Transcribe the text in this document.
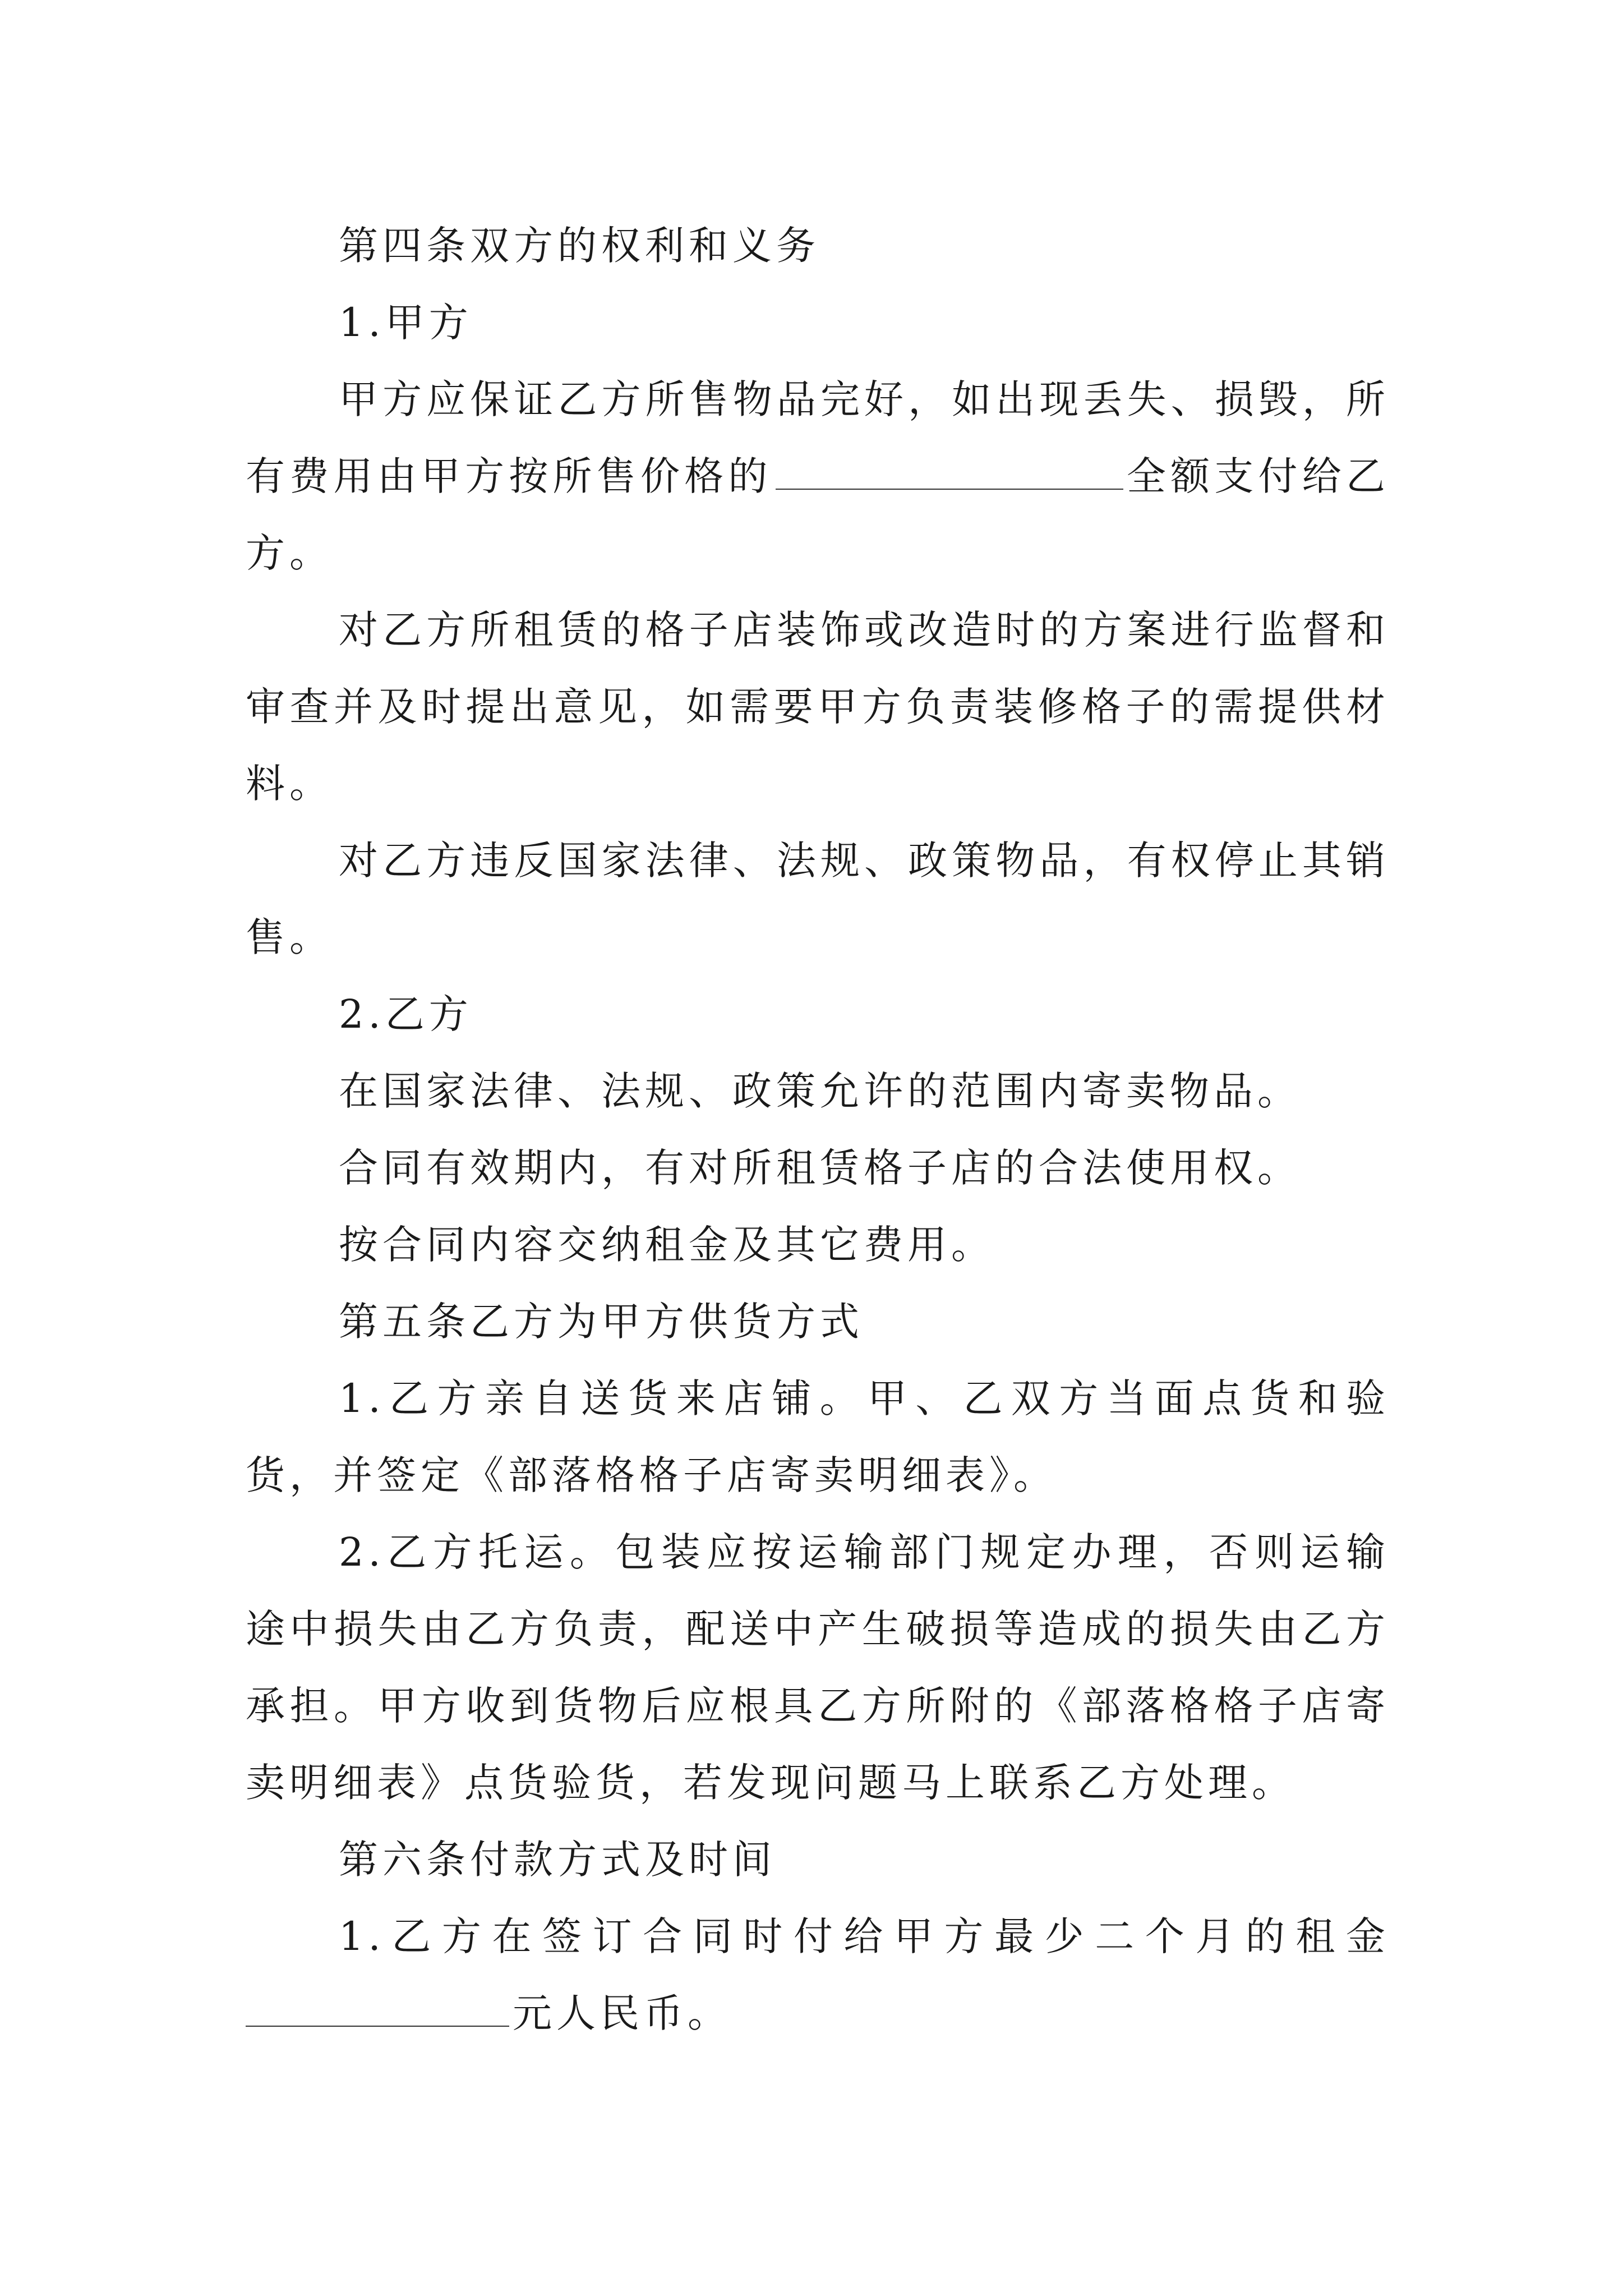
第四条双方的权利和义务

1.甲方

甲方应保证乙方所售物品完好，如出现丢失、损毁，所有费用由甲方按所售价格的	全额支付给乙方。

对乙方所租赁的格子店装饰或改造时的方案进行监督和审查并及时提出意见，如需要甲方负责装修格子的需提供材料。

对乙方违反国家法律、法规、政策物品，有权停止其销售。

2.乙方

在国家法律、法规、政策允许的范围内寄卖物品。

合同有效期内，有对所租赁格子店的合法使用权。

按合同内容交纳租金及其它费用。

第五条乙方为甲方供货方式

1.乙方亲自送货来店铺。甲、乙双方当面点货和验货，并签定《部落格格子店寄卖明细表》。

2.乙方托运。包装应按运输部门规定办理，否则运输途中损失由乙方负责，配送中产生破损等造成的损失由乙方承担。甲方收到货物后应根具乙方所附的《部落格格子店寄卖明细表》点货验货，若发现问题马上联系乙方处理。

第六条付款方式及时间

1.乙方在签订合同时付给甲方最少二个月的租金元人民币。
